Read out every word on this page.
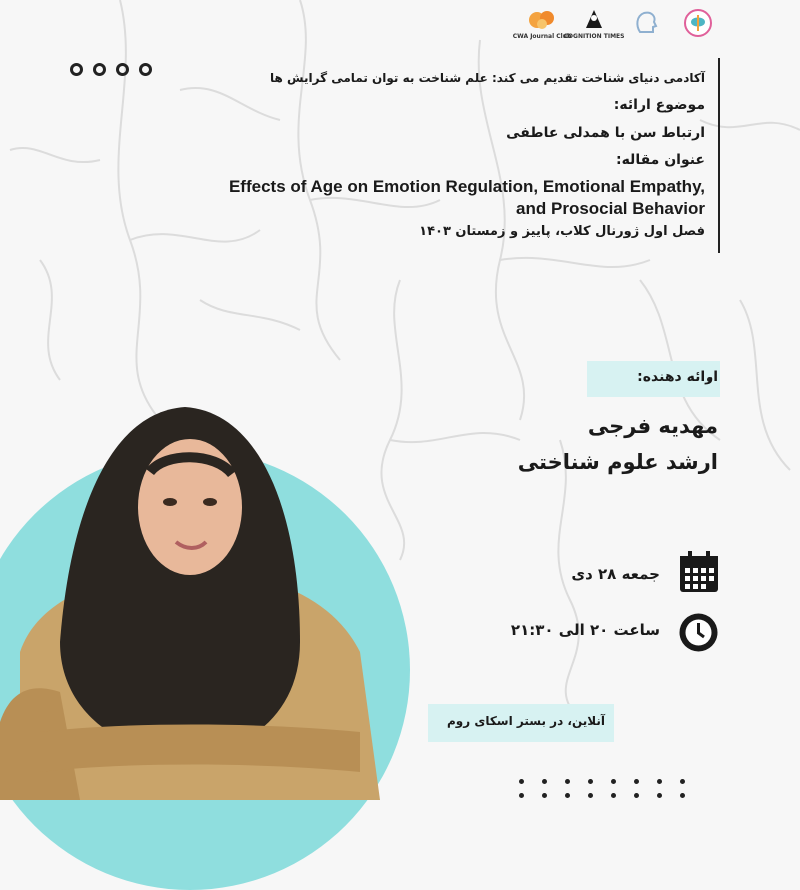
CWA Journal Club
COGNITION TIMES
آکادمی دنیای شناخت تقدیم می کند: علم شناخت به توان تمامی گرایش ها
موضوع ارائه:
ارتباط سن با همدلی عاطفی
عنوان مقاله:
Effects of Age on Emotion Regulation, Emotional Empathy,
and Prosocial Behavior
فصل اول ژورنال کلاب، پاییز و زمستان ۱۴۰۳
ارائه دهنده:
مهدیه فرجی
ارشد علوم شناختی
جمعه ۲۸ دی
ساعت ۲۰ الی ۲۱:۳۰
آنلاین، در بستر اسکای روم
